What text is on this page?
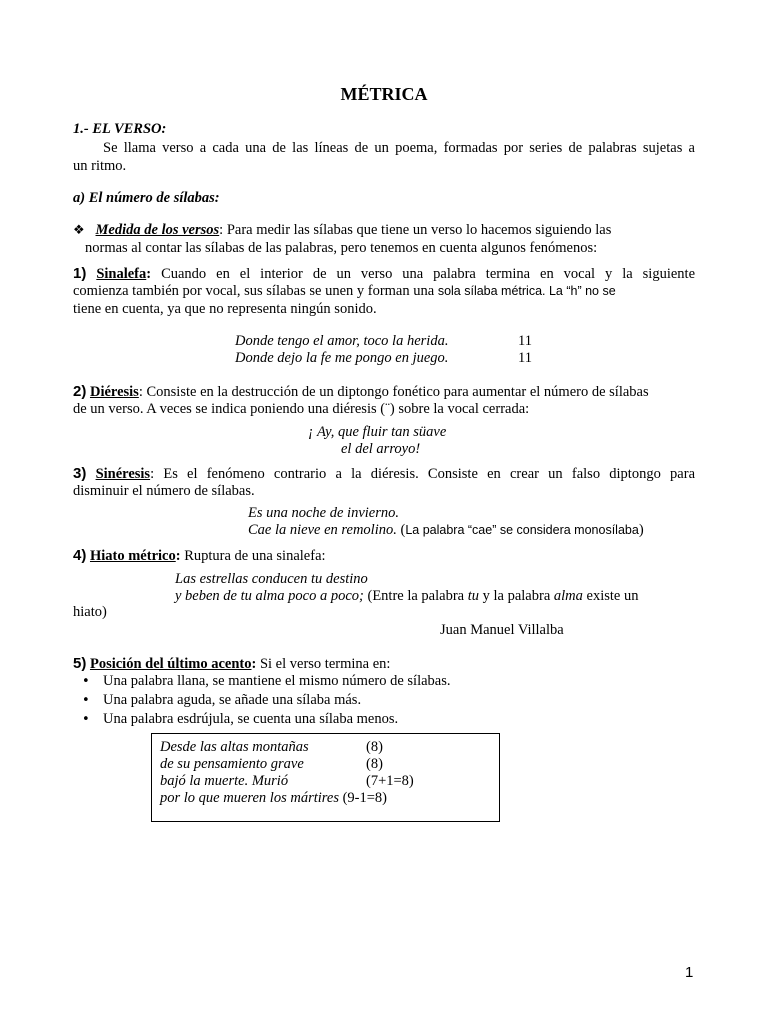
MÉTRICA
1.- EL VERSO:
Se llama verso a cada una de las líneas de un poema, formadas por series de palabras sujetas a
un ritmo.
a) El número de sílabas:
❖ Medida de los versos: Para medir las sílabas que tiene un verso lo hacemos siguiendo las
normas al contar las sílabas de las palabras, pero tenemos en cuenta algunos fenómenos:
1) Sinalefa: Cuando en el interior de un verso una palabra termina en vocal y la siguiente
comienza también por vocal, sus sílabas se unen y forman una sola sílaba métrica. La “h” no se
tiene en cuenta, ya que no representa ningún sonido.
Donde tengo el amor, toco la herida.	11
Donde dejo la fe me pongo en juego.	11
2) Diéresis: Consiste en la destrucción de un diptongo fonético para aumentar el número de sílabas
de un verso. A veces se indica poniendo una diéresis (¨) sobre la vocal cerrada:
¡ Ay, que fluir tan süave
el del arroyo!
3) Sinéresis: Es el fenómeno contrario a la diéresis. Consiste en crear un falso diptongo para
disminuir el número de sílabas.
Es una noche de invierno.
Cae la nieve en remolino. (La palabra “cae” se considera monosílaba)
4) Hiato métrico: Ruptura de una sinalefa:
Las estrellas conducen tu destino
y beben de tu alma poco a poco; (Entre la palabra tu y la palabra alma existe un
hiato)
Juan Manuel Villalba
5) Posición del último acento: Si el verso termina en:
• Una palabra llana, se mantiene el mismo número de sílabas.
• Una palabra aguda, se añade una sílaba más.
• Una palabra esdrújula, se cuenta una sílaba menos.
Desde las altas montañas	(8)
de su pensamiento grave	(8)
bajó la muerte. Murió	(7+1=8)
por lo que mueren los mártires (9-1=8)
1
